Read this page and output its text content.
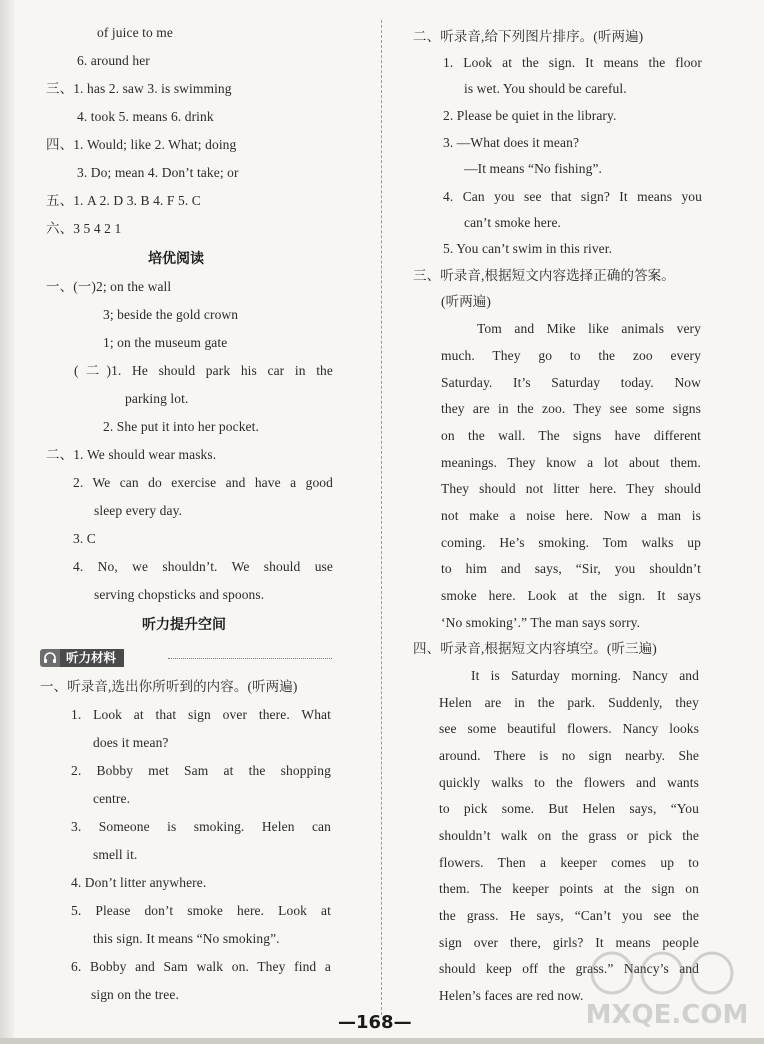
of juice to me
6. around her
三、1. has 2. saw 3. is swimming
4. took 5. means 6. drink
四、1. Would; like 2. What; doing
3. Do; mean 4. Don’t take; or
五、1. A 2. D 3. B 4. F 5. C
六、3 5 4 2 1
培优阅读
一、(一)2; on the wall
3; beside the gold crown
1; on the museum gate
(二)1. He should park his car in the
parking lot.
2. She put it into her pocket.
二、1. We should wear masks.
2. We can do exercise and have a good
sleep every day.
3. C
4. No, we shouldn’t. We should use
serving chopsticks and spoons.
听力提升空间
听力材料
一、听录音,选出你所听到的内容。(听两遍)
1. Look at that sign over there. What
does it mean?
2. Bobby met Sam at the shopping
centre.
3. Someone is smoking. Helen can
smell it.
4. Don’t litter anywhere.
5. Please don’t smoke here. Look at
this sign. It means “No smoking”.
6. Bobby and Sam walk on. They find a
sign on the tree.
二、听录音,给下列图片排序。(听两遍)
1. Look at the sign. It means the floor
is wet. You should be careful.
2. Please be quiet in the library.
3. —What does it mean?
—It means “No fishing”.
4. Can you see that sign? It means you
can’t smoke here.
5. You can’t swim in this river.
三、听录音,根据短文内容选择正确的答案。
(听两遍)
Tom and Mike like animals very
much. They go to the zoo every
Saturday. It’s Saturday today. Now
they are in the zoo. They see some signs
on the wall. The signs have different
meanings. They know a lot about them.
They should not litter here. They should
not make a noise here. Now a man is
coming. He’s smoking. Tom walks up
to him and says, “Sir, you shouldn’t
smoke here. Look at the sign. It says
‘No smoking’.” The man says sorry.
四、听录音,根据短文内容填空。(听三遍)
It is Saturday morning. Nancy and
Helen are in the park. Suddenly, they
see some beautiful flowers. Nancy looks
around. There is no sign nearby. She
quickly walks to the flowers and wants
to pick some. But Helen says, “You
shouldn’t walk on the grass or pick the
flowers. Then a keeper comes up to
them. The keeper points at the sign on
the grass. He says, “Can’t you see the
sign over there, girls? It means people
should keep off the grass.” Nancy’s and
Helen’s faces are red now.
MXQE.COM
—168—
